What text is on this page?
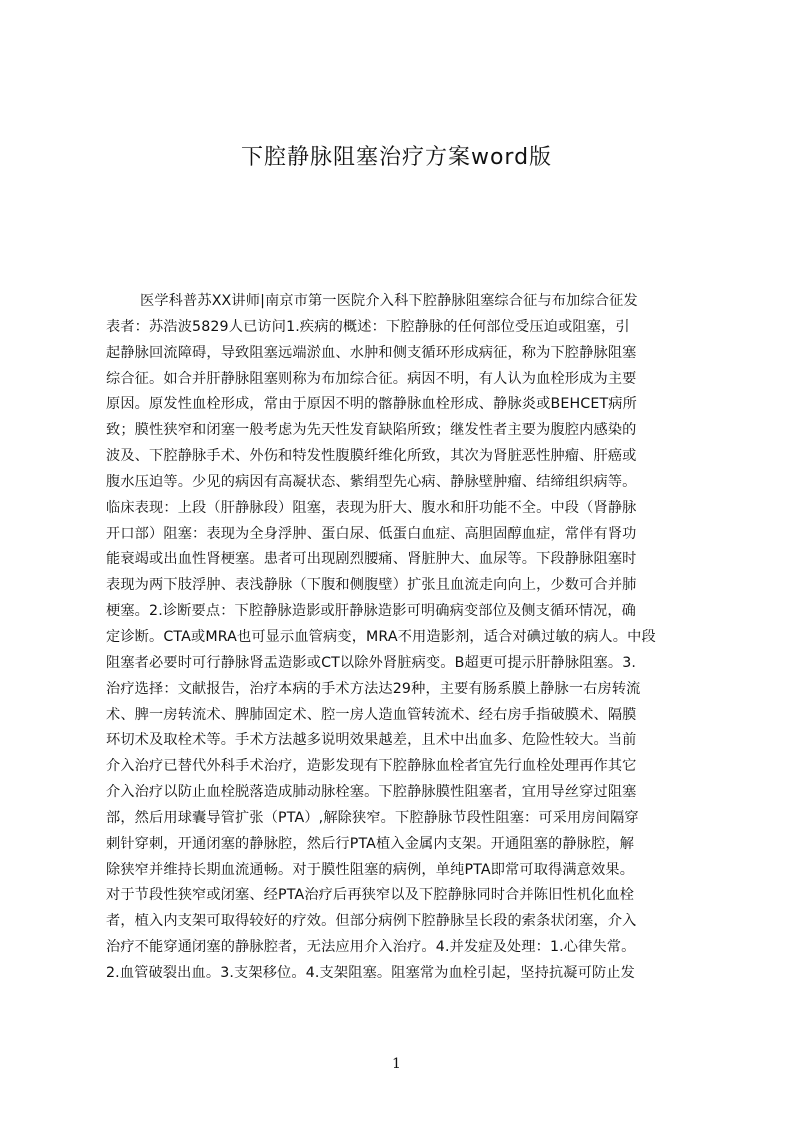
下腔静脉阻塞治疗方案word版
医学科普苏XX讲师|南京市第一医院介入科下腔静脉阻塞综合征与布加综合征发
表者：苏浩波5829人已访问1.疾病的概述：下腔静脉的任何部位受压迫或阻塞，引
起静脉回流障碍，导致阻塞远端淤血、水肿和侧支循环形成病征，称为下腔静脉阻塞
综合征。如合并肝静脉阻塞则称为布加综合征。病因不明，有人认为血栓形成为主要
原因。原发性血栓形成，常由于原因不明的髂静脉血栓形成、静脉炎或BEHCET病所
致；膜性狭窄和闭塞一般考虑为先天性发育缺陷所致；继发性者主要为腹腔内感染的
波及、下腔静脉手术、外伤和特发性腹膜纤维化所致，其次为肾脏恶性肿瘤、肝癌或
腹水压迫等。少见的病因有高凝状态、紫绢型先心病、静脉壁肿瘤、结缔组织病等。
临床表现：上段（肝静脉段）阻塞，表现为肝大、腹水和肝功能不全。中段（肾静脉
开口部）阻塞：表现为全身浮肿、蛋白尿、低蛋白血症、高胆固醇血症，常伴有肾功
能衰竭或出血性肾梗塞。患者可出现剧烈腰痛、肾脏肿大、血尿等。下段静脉阻塞时
表现为两下肢浮肿、表浅静脉（下腹和侧腹壁）扩张且血流走向向上，少数可合并肺
梗塞。2.诊断要点：下腔静脉造影或肝静脉造影可明确病变部位及侧支循环情况，确
定诊断。CTA或MRA也可显示血管病变，MRA不用造影剂，适合对碘过敏的病人。中段
阻塞者必要时可行静脉肾盂造影或CT以除外肾脏病变。B超更可提示肝静脉阻塞。3.
治疗选择：文献报告，治疗本病的手术方法达29种，主要有肠系膜上静脉一右房转流
术、脾一房转流术、脾肺固定术、腔一房人造血管转流术、经右房手指破膜术、隔膜
环切术及取栓术等。手术方法越多说明效果越差，且术中出血多、危险性较大。当前
介入治疗已替代外科手术治疗，造影发现有下腔静脉血栓者宜先行血栓处理再作其它
介入治疗以防止血栓脱落造成肺动脉栓塞。下腔静脉膜性阻塞者，宜用导丝穿过阻塞
部，然后用球囊导管扩张（PTA）,解除狭窄。下腔静脉节段性阻塞：可采用房间隔穿
刺针穿刺，开通闭塞的静脉腔，然后行PTA植入金属内支架。开通阻塞的静脉腔，解
除狭窄并维持长期血流通畅。对于膜性阻塞的病例，单纯PTA即常可取得满意效果。
对于节段性狭窄或闭塞、经PTA治疗后再狭窄以及下腔静脉同时合并陈旧性机化血栓
者，植入内支架可取得较好的疗效。但部分病例下腔静脉呈长段的索条状闭塞，介入
治疗不能穿通闭塞的静脉腔者，无法应用介入治疗。4.并发症及处理：1.心律失常。
2.血管破裂出血。3.支架移位。4.支架阻塞。阻塞常为血栓引起，坚持抗凝可防止发
1
